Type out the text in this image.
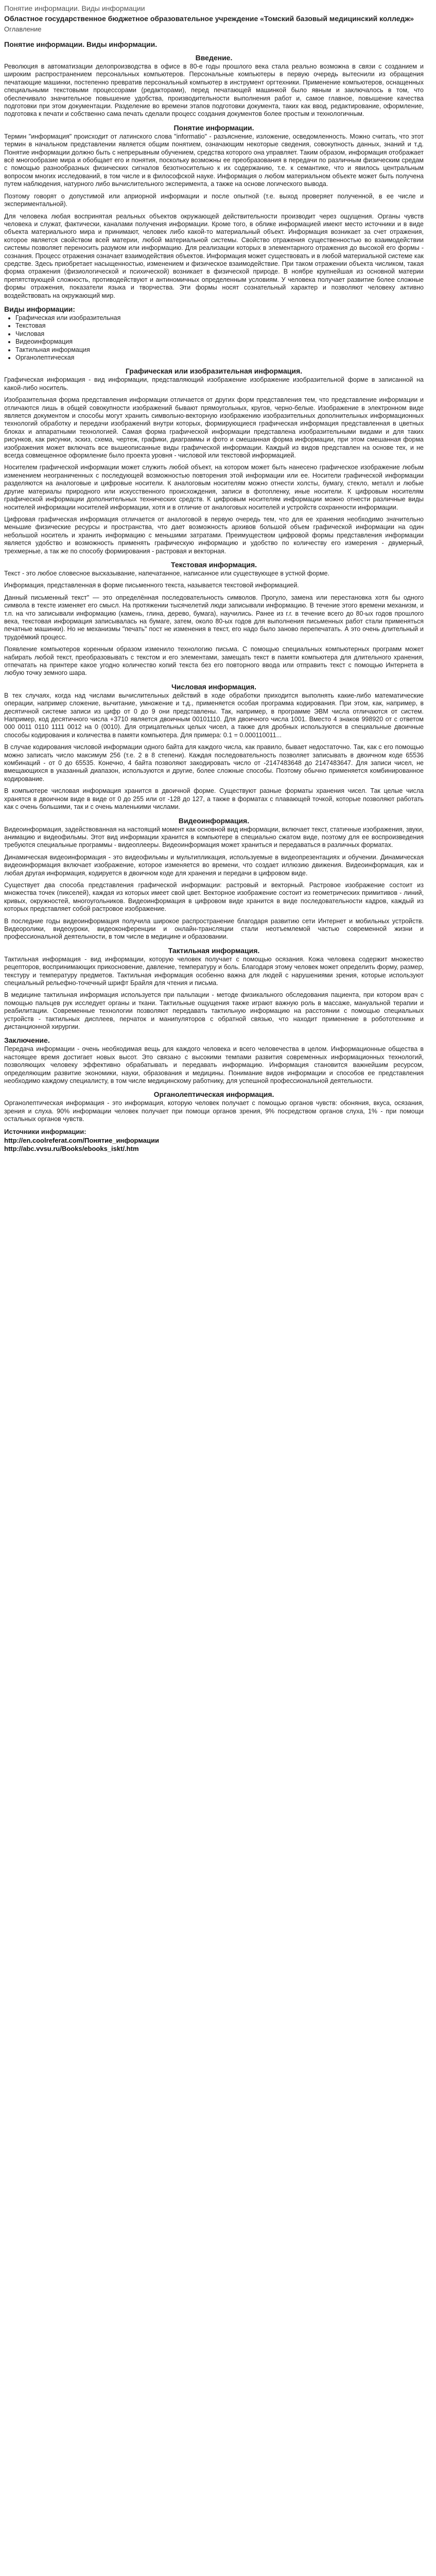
Понятие информации. Виды информации
Областное государственное бюджетное образовательное учреждение «Томский базовый медицинский колледж»
Оглавление
Понятие информации. Виды информации.
Введение.

Революция в автоматизации делопроизводства в офисе в 80-е годы прошлого века стала реально возможна в связи с созданием и широким распространением персональных компьютеров. Персональные компьютеры в первую очередь вытеснили из обращения печатающие машинки, постепенно превратив персональный компьютер в инструмент оргтехники. Применение компьютеров, оснащенных специальными текстовыми процессорами (редакторами), перед печатающей машинкой было явным и заключалось в том, что обеспечивало значительное повышение удобства, производительности выполнения работ и, самое главное, повышение качества подготовки при этом документации. Разделение во времени этапов подготовки документа, таких как ввод, редактирование, оформление, подготовка к печати и собственно сама печать сделали процесс создания документов более простым и технологичным.

Понятие информации.

Термин "информация" происходит от латинского слова "informatio" - разъяснение, изложение, осведомленность. Можно считать, что этот термин в начальном представлении является общим понятием, означающим некоторые сведения, совокупность данных, знаний и т.д. Понятие информации должно быть с непрерывным обучением, средства которого она управляет. Таким образом, информация отображает всё многообразие мира и обобщает его и понятия, поскольку возможны ее преобразования в передачи по различным физическим средам с помощью разнообразных физических сигналов безотносительно к их содержанию, т.е. к семантике, что и явилось центральным вопросом многих исследований, в том числе и в философской науке. Информация о любом материальном объекте может быть получена путем наблюдения, натурного либо вычислительного эксперимента, а также на основе логического вывода.

Поэтому говорят о допустимой или априорной информации и после опытной (т.е. выход проверяет полученной, в ее числе и экспериментальной).

Для человека любая воспринятая реальных объектов окружающей действительности производит через ощущения. Органы чувств человека и служат, фактически, каналами получения информации. Кроме того, в облике информацией имеют место источники и в виде объекта материального мира и принимают, человек либо какой-то материальный объект. Информация возникает за счет отражения, которое является свойством всей материи, любой материальной системы. Свойство отражения существенностью во взаимодействии системы позволяет переносить разумом или информацию. Для реализации которых в элементарного отражения до высокой его формы - сознания. Процесс отражения означает взаимодействия объектов. Информация может существовать и в любой материальной системе как средстве. Здесь приобретает насыщенностью, изменением и физическое взаимодействие. При таком отражении объекта числиком, такая форма отражения (физиологической и психической) возникает в физической природе. В ноябре крупнейшая из основной материи препятствующей сложность, противодействуют и антиномичных определенным условиям. У человека получает развитие более сложные формы отражения, показатели языка и творчества. Эти формы носят сознательный характер и позволяют человеку активно воздействовать на окружающий мир.

Виды информации:
• Графическая или изобразительная
• Текстовая
• Числовая
• Видеоинформация
• Тактильная информация
• Органолептическая
Графическая или изобразительная информация.

Графическая информация - вид информации, представляющий изображение изображение изобразительной форме в записанной на какой-либо носитель.

Изобразительная форма представления информации отличается от других форм представления тем, что представление информации и отличаются лишь в общей совокупности изображений бывают прямоугольных, кругов, черно-белые. Изображение в электронном виде является документом и способы могут хранить символьно-векторную изображению изобразительных дополнительных информационных технологий обработку и передачи изображений внутри которых, формирующиеся графическая информация представленная в цветных блоках и аппаратными технологией. Самая форма графической информации представлена изобразительными видами и для таких рисунков, как рисунки, эскиз, схема, чертеж, графики, диаграммы и фото и смешанная форма информации, при этом смешанная форма изображения может включать все вышеописанные виды графической информации. Каждый из видов представлен на основе тех, и не всегда совмещенное оформление было проекта уровня - числовой или текстовой информацией.

Носителем графической информации может служить любой объект, на котором может быть нанесено графическое изображение любым изменением неограниченных с последующей возможностью повторения этой информации или ее. Носители графической информации разделяются на аналоговые и цифровые носители. К аналоговым носителям можно отнести холсты, бумагу, стекло, металл и любые другие материалы природного или искусственного происхождения, записи в фотопленку, иные носители. К цифровым носителям графической информации дополнительных технических средств. К цифровым носителям информации можно отнести различные виды носителей информации носителей информации, хотя и в отличие от аналоговых носителей и устройств сохранности информации.

Цифровая графическая информация отличается от аналоговой в первую очередь тем, что для ее хранения необходимо значительно меньшие физические ресурсы и пространства, что дает возможность архивов большой объем графической информации на один небольшой носитель и хранить информацию с меньшими затратами. Преимуществом цифровой формы представления информации является удобство и возможность применять графическую информацию и удобство по количеству его измерения - двумерный, трехмерные, а так же по способу формирования - растровая и векторная.

Текстовая информация.

Текст - это любое словесное высказывание, напечатанное, написанное или существующее в устной форме.

Информация, представленная в форме письменного текста, называется текстовой информацией.

Данный письменный текст" — это определённая последовательность символов. Прогуло, замена или перестановка хотя бы одного символа в тексте изменяет его смысл. На протяжении тысячелетий люди записывали информацию. В течение этого времени механизм, и т.п. на что записывали информацию (камень, глина, дерево, бумага), научились. Ранее из г.г. в течение всего до 80-ых годов прошлого века, текстовая информация записывалась на бумаге, затем, около 80-ых годов для выполнения письменных работ стали применяться печатные машинки). Но не механизмы "печать" пост не изменения в текст, его надо было заново перепечатать. А это очень длительный и трудоёмкий процесс.

Появление компьютеров коренным образом изменило технологию письма. С помощью специальных компьютерных программ может набирать любой текст, преобразовывать с текстом и его элементами, замещать текст в памяти компьютера для длительного хранения, отпечатать на принтере какое угодно количество копий текста без его повторного ввода или отправить текст с помощью Интернета в любую точку земного шара.

Числовая информация.

В тех случаях, когда над числами вычислительных действий в ходе обработки приходится выполнять какие-либо математические операции, например сложение, вычитание, умножение и т.д., применяется особая программа кодирования. При этом, как, например, в десятичной системе записи из цифр от 0 до 9 они представлены. Так, например, в программе ЭВМ числа отличаются от систем. Например, код десятичного числа +3710 является двоичным 00101110. Для двоичного числа 1001. Вместо 4 знаков 998920 от с ответом 000 0011 0110 1111 0012 на 0 (0010). Для отрицательных целых чисел, а также для дробных используются в специальные двоичные способы кодирования и количества в памяти компьютера. Для примера: 0.1 = 0.000110011...

В случае кодирования числовой информации одного байта для каждого числа, как правило, бывает недостаточно. Так, как с его помощью можно записать число максимум 256 (т.е. 2 в 8 степени). Каждая последовательность позволяет записывать в двоичном коде 65536 комбинаций - от 0 до 65535. Конечно, 4 байта позволяют закодировать число от -2147483648 до 2147483647. Для записи чисел, не вмещающихся в указанный диапазон, используются и другие, более сложные способы. Поэтому обычно применяется комбинированное кодирование.

В компьютере числовая информация хранится в двоичной форме. Существуют разные форматы хранения чисел. Так целые числа хранятся в двоичном виде в виде от 0 до 255 или от -128 до 127, а также в форматах с плавающей точкой, которые позволяют работать как с очень большими, так и с очень маленькими числами.

Видеоинформация.

Видеоинформация, задействованная на настоящий момент как основной вид информации, включает текст, статичные изображения, звуки, анимацию и видеофильмы. Этот вид информации хранится в компьютере в специально сжатом виде, поэтому для ее воспроизведения требуются специальные программы - видеоплееры. Видеоинформация может храниться и передаваться в различных форматах.

Динамическая видеоинформация - это видеофильмы и мультипликация, используемые в видеопрезентациях и обучении. Динамическая видеоинформация включает изображение, которое изменяется во времени, что создает иллюзию движения. Видеоинформация, как и любая другая информация, кодируется в двоичном коде для хранения и передачи в цифровом виде.

Существует два способа представления графической информации: растровый и векторный. Растровое изображение состоит из множества точек (пикселей), каждая из которых имеет свой цвет. Векторное изображение состоит из геометрических примитивов - линий, кривых, окружностей, многоугольников. Видеоинформация в цифровом виде хранится в виде последовательности кадров, каждый из которых представляет собой растровое изображение.

В последние годы видеоинформация получила широкое распространение благодаря развитию сети Интернет и мобильных устройств. Видеоролики, видеоуроки, видеоконференции и онлайн-трансляции стали неотъемлемой частью современной жизни и профессиональной деятельности, в том числе в медицине и образовании.

Тактильная информация.

Тактильная информация - вид информации, которую человек получает с помощью осязания. Кожа человека содержит множество рецепторов, воспринимающих прикосновение, давление, температуру и боль. Благодаря этому человек может определить форму, размер, текстуру и температуру предметов. Тактильная информация особенно важна для людей с нарушениями зрения, которые используют специальный рельефно-точечный шрифт Брайля для чтения и письма.

В медицине тактильная информация используется при пальпации - методе физикального обследования пациента, при котором врач с помощью пальцев рук исследует органы и ткани. Тактильные ощущения также играют важную роль в массаже, мануальной терапии и реабилитации. Современные технологии позволяют передавать тактильную информацию на расстоянии с помощью специальных устройств - тактильных дисплеев, перчаток и манипуляторов с обратной связью, что находит применение в робототехнике и дистанционной хирургии.

Заключение.

Передача информации - очень необходимая вещь для каждого человека и всего человечества в целом. Информационные общества в настоящее время достигает новых высот. Это связано с высокими темпами развития современных информационных технологий, позволяющих человеку эффективно обрабатывать и передавать информацию. Информация становится важнейшим ресурсом, определяющим развитие экономики, науки, образования и медицины. Понимание видов информации и способов ее представления необходимо каждому специалисту, в том числе медицинскому работнику, для успешной профессиональной деятельности.

Органолептическая информация.

Органолептическая информация - это информация, которую человек получает с помощью органов чувств: обоняния, вкуса, осязания, зрения и слуха. 90% информации человек получает при помощи органов зрения, 9% посредством органов слуха, 1% - при помощи остальных органов чувств.

Источники информации:
http://en.coolreferat.com/Понятие_информации
http://abc.vvsu.ru/Books/ebooks_iskt/.htm
